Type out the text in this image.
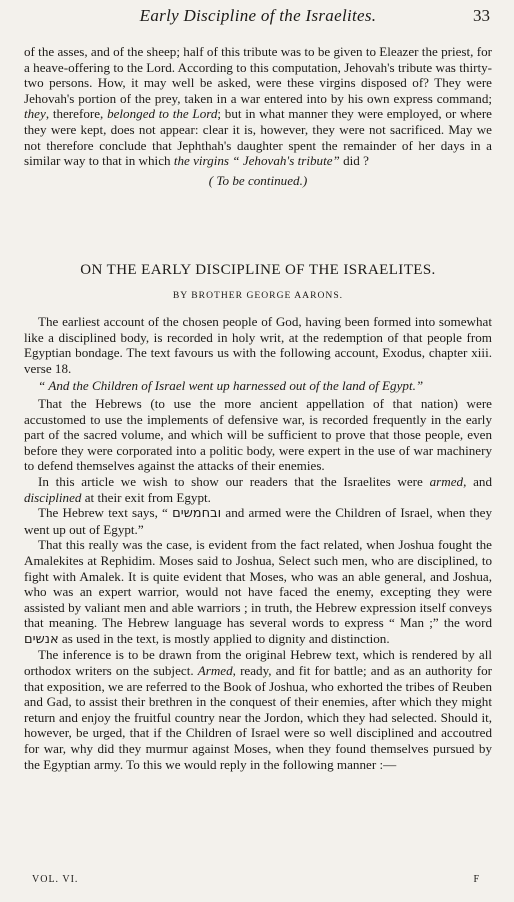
Early Discipline of the Israelites.	33

of the asses, and of the sheep; half of this tribute was to be given to Eleazer the priest, for a heave-offering to the Lord. According to this computation, Jehovah's tribute was thirty-two persons. How, it may well be asked, were these virgins disposed of? They were Jehovah's portion of the prey, taken in a war entered into by his own express command; they, therefore, belonged to the Lord; but in what manner they were employed, or where they were kept, does not appear: clear it is, however, they were not sacrificed. May we not therefore conclude that Jephthah's daughter spent the remainder of her days in a similar way to that in which the virgins “ Jehovah's tribute” did ?

( To be continued.)

ON THE EARLY DISCIPLINE OF THE ISRAELITES.
BY BROTHER GEORGE AARONS.

The earliest account of the chosen people of God, having been formed into somewhat like a disciplined body, is recorded in holy writ, at the redemption of that people from Egyptian bondage. The text favours us with the following account, Exodus, chapter xiii. verse 18.

“ And the Children of Israel went up harnessed out of the land of Egypt.”

That the Hebrews (to use the more ancient appellation of that nation) were accustomed to use the implements of defensive war, is recorded frequently in the early part of the sacred volume, and which will be sufficient to prove that those people, even before they were corporated into a politic body, were expert in the use of war machinery to defend themselves against the attacks of their enemies.

In this article we wish to show our readers that the Israelites were armed, and disciplined at their exit from Egypt.

The Hebrew text says, “ ובחמשים and armed were the Children of Israel, when they went up out of Egypt.”

That this really was the case, is evident from the fact related, when Joshua fought the Amalekites at Rephidim. Moses said to Joshua, Select such men, who are disciplined, to fight with Amalek. It is quite evident that Moses, who was an able general, and Joshua, who was an expert warrior, would not have faced the enemy, excepting they were assisted by valiant men and able warriors ; in truth, the Hebrew expression itself conveys that meaning. The Hebrew language has several words to express “ Man ;” the word אנשים as used in the text, is mostly applied to dignity and distinction.

The inference is to be drawn from the original Hebrew text, which is rendered by all orthodox writers on the subject. Armed, ready, and fit for battle; and as an authority for that exposition, we are referred to the Book of Joshua, who exhorted the tribes of Reuben and Gad, to assist their brethren in the conquest of their enemies, after which they might return and enjoy the fruitful country near the Jordon, which they had selected. Should it, however, be urged, that if the Children of Israel were so well disciplined and accoutred for war, why did they murmur against Moses, when they found themselves pursued by the Egyptian army. To this we would reply in the following manner :—

VOL. VI.	F
